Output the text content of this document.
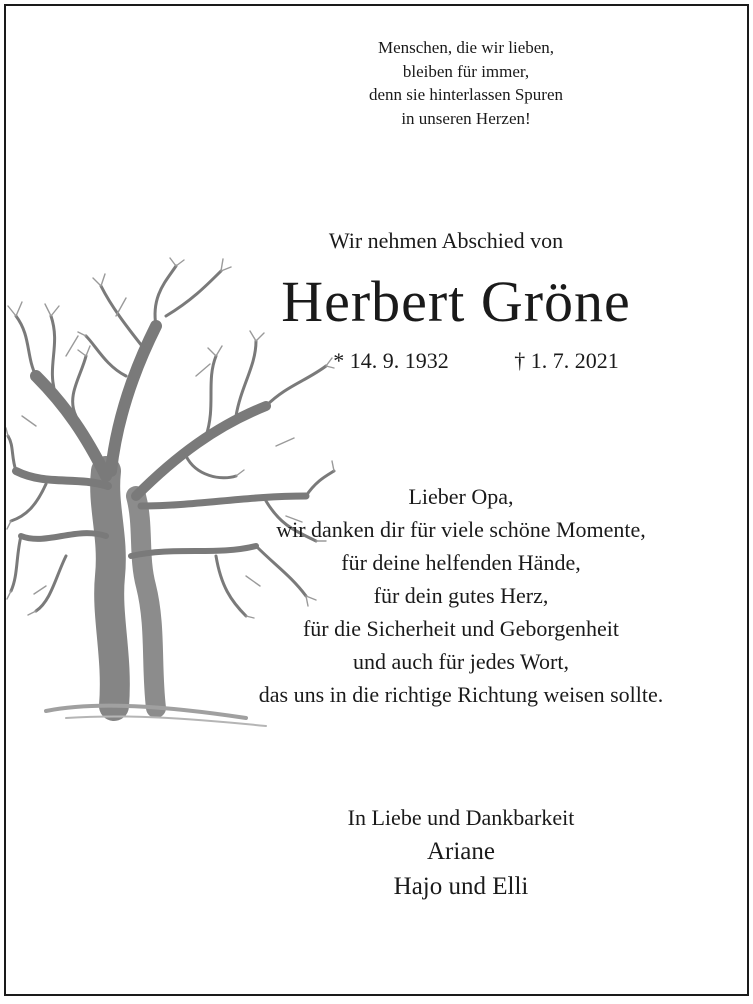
Menschen, die wir lieben,
bleiben für immer,
denn sie hinterlassen Spuren
in unseren Herzen!
Wir nehmen Abschied von
Herbert Gröne
* 14. 9. 1932	† 1. 7. 2021
Lieber Opa,
wir danken dir für viele schöne Momente,
für deine helfenden Hände,
für dein gutes Herz,
für die Sicherheit und Geborgenheit
und auch für jedes Wort,
das uns in die richtige Richtung weisen sollte.
In Liebe und Dankbarkeit
Ariane
Hajo und Elli
